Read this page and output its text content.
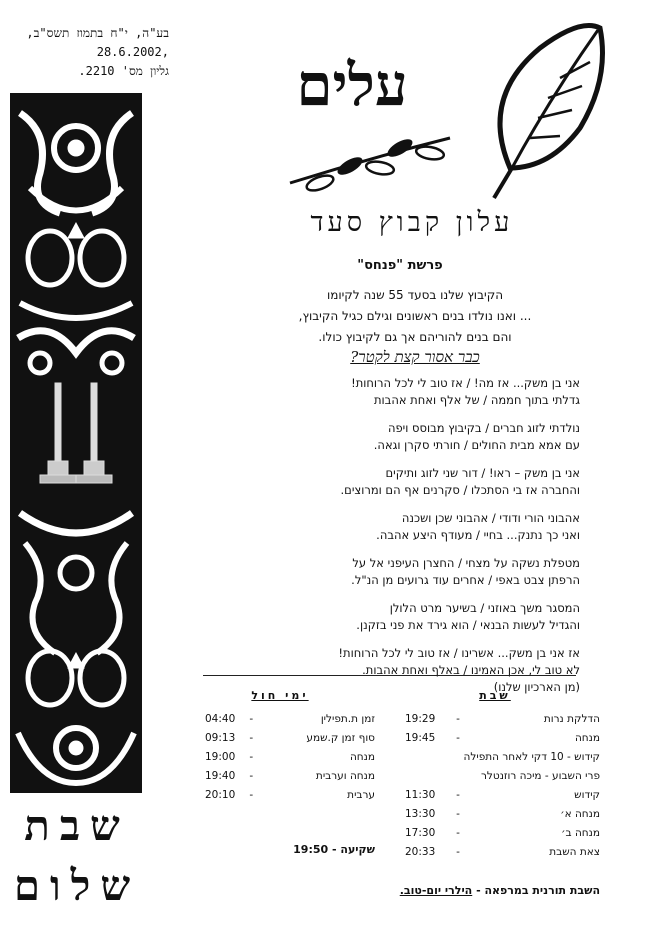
בע"ה, י"ח בתמוז תשס"ב,
,28.6.2002
גליון מס' 2210.
שבת
שלום
עלים
עלון קבוץ סעד
פרשת "פנחס"
הקיבוץ שלנו בסעד 55 שנה לקיומו
... ואנו נולדו בנים ראשונים וגילם כגיל הקיבוץ,
והם בנים להוריהם אך גם לקיבוץ כולו.
כבר אסור קצת לקטר?
אני בן משק... אז מה! / אז טוב לי לכל הרוחות!
גדלתי בתוך חממה / של אלף ואחת אהבות
נולדתי לזוג חברים / בקיבוץ מבוסס ויפה
עם אמא מבית החולים / חורתי סקרן וגאה.
אני בן משק – ראו! / דור שני לזוג ותיקים
והחברה אז בי הסתכלו / סקרנים אף הם ומרוצים.
אהבוני הורי ודודי / אהבוני שכן ושכנה
ואני כך נתנק... בחיי / מעודף היצע אהבה.
מטפלת נשקה על מצחי / החצרן העיפני אל על
הרפתן צבט באפי / אחרים עוד גרועים מן הנ"ל.
המסגר משך באוזני / בשיער מרט הלולן
והגדיל לעשות הבנאי / הוא גירד את פני בזקנן.
אז אני בן משק... אשרינו / אז טוב לי לכל הרוחות!
לא טוב לי, אכן האמינו / באלף ואחת אהבות.
(מן הארכיון שלנו)
שבת
הדלקת נרות
-
19:29
מנחה
-
19:45
קידוש - 10 דקי לאחר התפילה
פרי השבוע - מיכה רוזנטלר
קידוש
-
11:30
מנחה א׳
-
13:30
מנחה ב׳
-
17:30
צאת השבת
-
20:33
ימי חול
זמן ת.תפילין
-
04:40
סוף זמן ק.שמע
-
09:13
מנחה
-
19:00
מנחה וערבית
-
19:40
ערבית
-
20:10
שקיעה - 19:50
השבת תורנית במרפאה - הילרי יום-טוב.
